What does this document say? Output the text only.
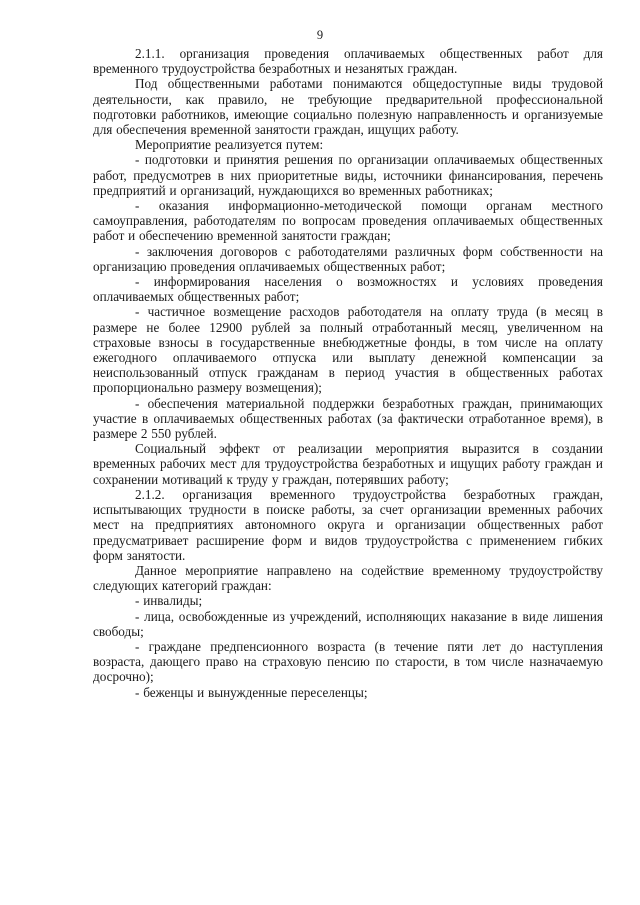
9

2.1.1. организация проведения оплачиваемых общественных работ для временного трудоустройства безработных и незанятых граждан.

Под общественными работами понимаются общедоступные виды трудовой деятельности, как правило, не требующие предварительной профессиональной подготовки работников, имеющие социально полезную направленность и организуемые для обеспечения временной занятости граждан, ищущих работу.

Мероприятие реализуется путем:

- подготовки и принятия решения по организации оплачиваемых общественных работ, предусмотрев в них приоритетные виды, источники финансирования, перечень предприятий и организаций, нуждающихся во временных работниках;

- оказания информационно-методической помощи органам местного самоуправления, работодателям по вопросам проведения оплачиваемых общественных работ и обеспечению временной занятости граждан;

- заключения договоров с работодателями различных форм собственности на организацию проведения оплачиваемых общественных работ;

- информирования населения о возможностях и условиях проведения оплачиваемых общественных работ;

- частичное возмещение расходов работодателя на оплату труда (в месяц в размере не более 12900 рублей за полный отработанный месяц, увеличенном на страховые взносы в государственные внебюджетные фонды, в том числе на оплату ежегодного оплачиваемого отпуска или выплату денежной компенсации за неиспользованный отпуск гражданам в период участия в общественных работах пропорционально размеру возмещения);

- обеспечения материальной поддержки безработных граждан, принимающих участие в оплачиваемых общественных работах (за фактически отработанное время), в размере 2 550 рублей.

Социальный эффект от реализации мероприятия выразится в создании временных рабочих мест для трудоустройства безработных и ищущих работу граждан и сохранении мотиваций к труду у граждан, потерявших работу;

2.1.2. организация временного трудоустройства безработных граждан, испытывающих трудности в поиске работы, за счет организации временных рабочих мест на предприятиях автономного округа и организации общественных работ предусматривает расширение форм и видов трудоустройства с применением гибких форм занятости.

Данное мероприятие направлено на содействие временному трудоустройству следующих категорий граждан:

- инвалиды;

- лица, освобожденные из учреждений, исполняющих наказание в виде лишения свободы;

- граждане предпенсионного возраста (в течение пяти лет до наступления возраста, дающего право на страховую пенсию по старости, в том числе назначаемую досрочно);

- беженцы и вынужденные переселенцы;
